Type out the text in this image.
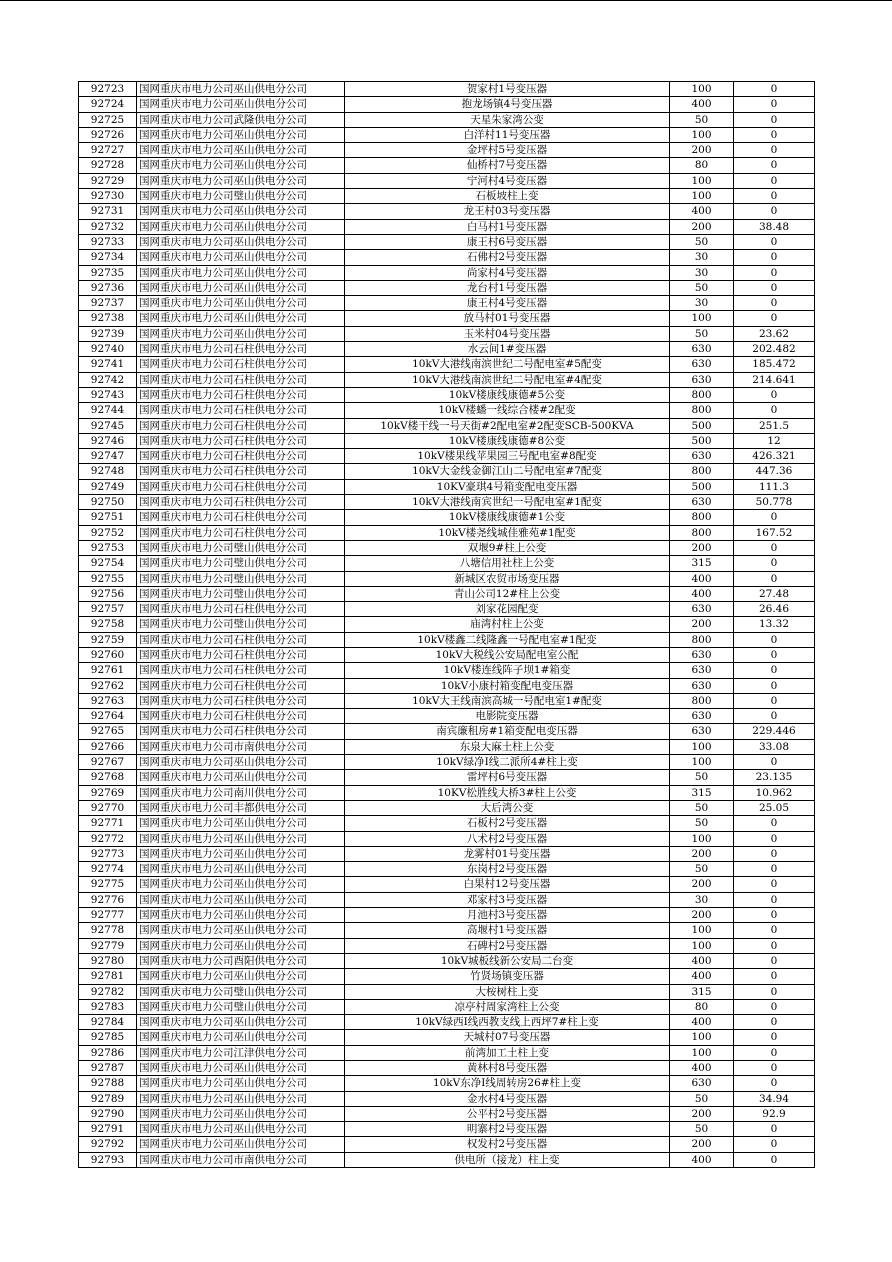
92723	国网重庆市电力公司巫山供电分公司	贺家村1号变压器	100	0
92724	国网重庆市电力公司巫山供电分公司	抱龙场镇4号变压器	400	0
92725	国网重庆市电力公司武隆供电分公司	天星朱家湾公变	50	0
92726	国网重庆市电力公司巫山供电分公司	白洋村11号变压器	100	0
92727	国网重庆市电力公司巫山供电分公司	金坪村5号变压器	200	0
92728	国网重庆市电力公司巫山供电分公司	仙桥村7号变压器	80	0
92729	国网重庆市电力公司巫山供电分公司	宁河村4号变压器	100	0
92730	国网重庆市电力公司璧山供电分公司	石板坡柱上变	100	0
92731	国网重庆市电力公司巫山供电分公司	龙王村03号变压器	400	0
92732	国网重庆市电力公司巫山供电分公司	白马村1号变压器	200	38.48
92733	国网重庆市电力公司巫山供电分公司	康王村6号变压器	50	0
92734	国网重庆市电力公司巫山供电分公司	石佛村2号变压器	30	0
92735	国网重庆市电力公司巫山供电分公司	尚家村4号变压器	30	0
92736	国网重庆市电力公司巫山供电分公司	龙台村1号变压器	50	0
92737	国网重庆市电力公司巫山供电分公司	康王村4号变压器	30	0
92738	国网重庆市电力公司巫山供电分公司	放马村01号变压器	100	0
92739	国网重庆市电力公司巫山供电分公司	玉米村04号变压器	50	23.62
92740	国网重庆市电力公司石柱供电分公司	水云间1#变压器	630	202.482
92741	国网重庆市电力公司石柱供电分公司	10kV大港线南滨世纪二号配电室#5配变	630	185.472
92742	国网重庆市电力公司石柱供电分公司	10kV大港线南滨世纪二号配电室#4配变	630	214.641
92743	国网重庆市电力公司石柱供电分公司	10kV楼康线康德#5公变	800	0
92744	国网重庆市电力公司石柱供电分公司	10kV楼蟠一线综合楼#2配变	800	0
92745	国网重庆市电力公司石柱供电分公司	10kV楼干线一号天街#2配电室#2配变SCB-500KVA	500	251.5
92746	国网重庆市电力公司石柱供电分公司	10kV楼康线康德#8公变	500	12
92747	国网重庆市电力公司石柱供电分公司	10kV楼果线苹果园三号配电室#8配变	630	426.321
92748	国网重庆市电力公司石柱供电分公司	10kV大金线金御江山二号配电室#7配变	800	447.36
92749	国网重庆市电力公司石柱供电分公司	10KV豪琪4号箱变配电变压器	500	111.3
92750	国网重庆市电力公司石柱供电分公司	10kV大港线南宾世纪一号配电室#1配变	630	50.778
92751	国网重庆市电力公司石柱供电分公司	10kV楼康线康德#1公变	800	0
92752	国网重庆市电力公司石柱供电分公司	10kV楼尧线城佳雅苑#1配变	800	167.52
92753	国网重庆市电力公司璧山供电分公司	双堰9#柱上公变	200	0
92754	国网重庆市电力公司璧山供电分公司	八塘信用社柱上公变	315	0
92755	国网重庆市电力公司璧山供电分公司	新城区农贸市场变压器	400	0
92756	国网重庆市电力公司璧山供电分公司	青山公司12#柱上公变	400	27.48
92757	国网重庆市电力公司石柱供电分公司	刘家花园配变	630	26.46
92758	国网重庆市电力公司璧山供电分公司	庙湾村柱上公变	200	13.32
92759	国网重庆市电力公司石柱供电分公司	10kV楼鑫二线隆鑫一号配电室#1配变	800	0
92760	国网重庆市电力公司石柱供电分公司	10kV大税线公安局配电室公配	630	0
92761	国网重庆市电力公司石柱供电分公司	10kV楼连线阵子坝1#箱变	630	0
92762	国网重庆市电力公司石柱供电分公司	10kV小康村箱变配电变压器	630	0
92763	国网重庆市电力公司石柱供电分公司	10kV大王线南滨高城一号配电室1#配变	800	0
92764	国网重庆市电力公司石柱供电分公司	电影院变压器	630	0
92765	国网重庆市电力公司石柱供电分公司	南宾廉租房#1箱变配电变压器	630	229.446
92766	国网重庆市电力公司市南供电分公司	东泉大麻土柱上公变	100	33.08
92767	国网重庆市电力公司巫山供电分公司	10kV绿净I线二派所4#柱上变	100	0
92768	国网重庆市电力公司巫山供电分公司	雷坪村6号变压器	50	23.135
92769	国网重庆市电力公司南川供电分公司	10KV松胜线大桥3#柱上公变	315	10.962
92770	国网重庆市电力公司丰都供电分公司	大后湾公变	50	25.05
92771	国网重庆市电力公司巫山供电分公司	石板村2号变压器	50	0
92772	国网重庆市电力公司巫山供电分公司	八术村2号变压器	100	0
92773	国网重庆市电力公司巫山供电分公司	龙雾村01号变压器	200	0
92774	国网重庆市电力公司巫山供电分公司	东岗村2号变压器	50	0
92775	国网重庆市电力公司巫山供电分公司	白果村12号变压器	200	0
92776	国网重庆市电力公司巫山供电分公司	邓家村3号变压器	30	0
92777	国网重庆市电力公司巫山供电分公司	月池村3号变压器	200	0
92778	国网重庆市电力公司巫山供电分公司	高堰村1号变压器	100	0
92779	国网重庆市电力公司巫山供电分公司	石碑村2号变压器	100	0
92780	国网重庆市电力公司酉阳供电分公司	10kV城板线新公安局二台变	400	0
92781	国网重庆市电力公司巫山供电分公司	竹贤场镇变压器	400	0
92782	国网重庆市电力公司璧山供电分公司	大桉树柱上变	315	0
92783	国网重庆市电力公司璧山供电分公司	凉亭村周家湾柱上公变	80	0
92784	国网重庆市电力公司巫山供电分公司	10kV绿西I线西教支线上西坪7#柱上变	400	0
92785	国网重庆市电力公司巫山供电分公司	天城村07号变压器	100	0
92786	国网重庆市电力公司江津供电分公司	前湾加工土柱上变	100	0
92787	国网重庆市电力公司巫山供电分公司	黄林村8号变压器	400	0
92788	国网重庆市电力公司巫山供电分公司	10kV东净I线周转房26#柱上变	630	0
92789	国网重庆市电力公司巫山供电分公司	金水村4号变压器	50	34.94
92790	国网重庆市电力公司巫山供电分公司	公平村2号变压器	200	92.9
92791	国网重庆市电力公司巫山供电分公司	明寨村2号变压器	50	0
92792	国网重庆市电力公司巫山供电分公司	权发村2号变压器	200	0
92793	国网重庆市电力公司市南供电分公司	供电所（接龙）柱上变	400	0
